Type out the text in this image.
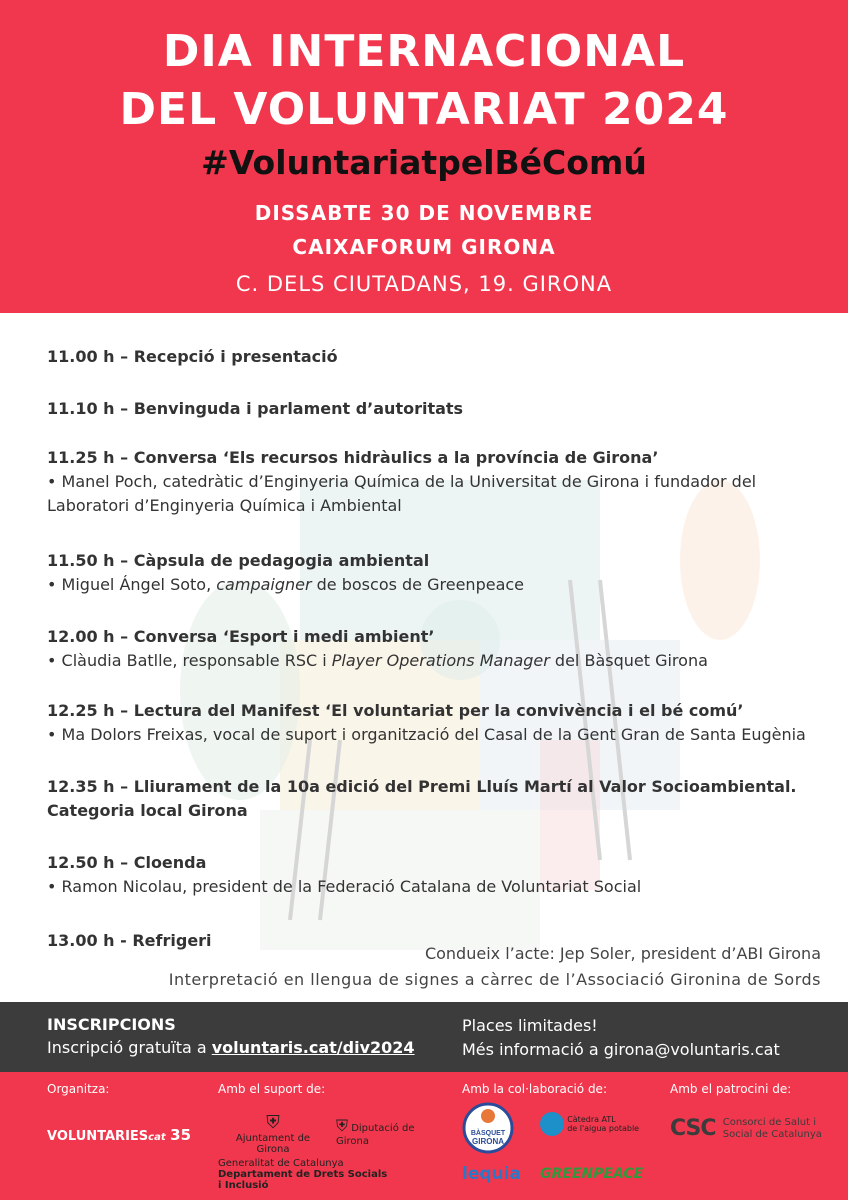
DIA INTERNACIONAL
DEL VOLUNTARIAT 2024
#VoluntariatpelBéComú
DISSABTE 30 DE NOVEMBRE
CAIXAFORUM GIRONA
C. DELS CIUTADANS, 19. GIRONA
11.00 h – Recepció i presentació
11.10 h – Benvinguda i parlament d’autoritats
11.25 h – Conversa ‘Els recursos hidràulics a la província de Girona’
• Manel Poch, catedràtic d’Enginyeria Química de la Universitat de Girona i fundador del Laboratori d’Enginyeria Química i Ambiental
11.50 h – Càpsula de pedagogia ambiental
• Miguel Ángel Soto, campaigner de boscos de Greenpeace
12.00 h – Conversa ‘Esport i medi ambient’
• Clàudia Batlle, responsable RSC i Player Operations Manager del Bàsquet Girona
12.25 h – Lectura del Manifest ‘El voluntariat per la convivència i el bé comú’
• Ma Dolors Freixas, vocal de suport i organització del Casal de la Gent Gran de Santa Eugènia
12.35 h – Lliurament de la 10a edició del Premi Lluís Martí al Valor Socioambiental.
Categoria local Girona
12.50 h – Cloenda
• Ramon Nicolau, president de la Federació Catalana de Voluntariat Social
13.00 h - Refrigeri
Condueix l’acte: Jep Soler, president d’ABI Girona
Interpretació en llengua de signes a càrrec de l’Associació Gironina de Sords
INSCRIPCIONS
Inscripció gratuïta a voluntaris.cat/div2024
Places limitades!
Més informació a girona@voluntaris.cat
Organitza:	Amb el suport de:	Amb la col·laboració de:	Amb el patrocini de:
VOLUNTARIEScat 35
⛨
Ajuntament de Girona
⛨ Diputació de Girona
Generalitat de Catalunya
Departament de Drets Socials
i Inclusió
BÀSQUET
GIRONA

Càtedra ATL
de l'aigua potable
lequia GREENPEACE
CSC Consorci de Salut i
Social de Catalunya
